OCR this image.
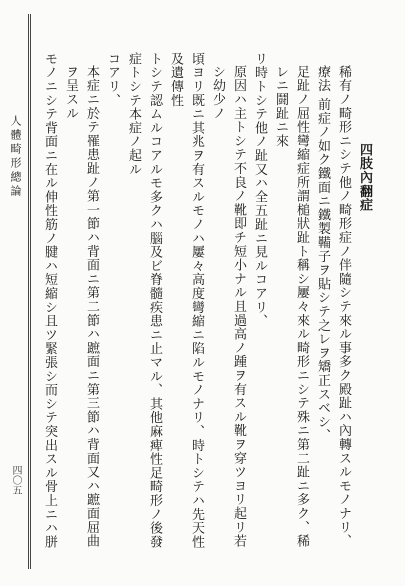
人體畸形總論
四〇五

四肢內翻症

稀有ノ畸形ニシテ他ノ畸形症ノ伴隨シテ來ル事多ク殿趾ハ內轉スルモノナリ、

療法 前症ノ如ク鐵面ニ鐵製鞴子ヲ貼シテ之レヲ矯正スベシ、

足趾ノ屈性彎縮症所謂槌狀趾ト稱シ屢々來ル畸形ニシテ殊ニ第二趾ニ多ク、稀レニ鬪趾ニ來

リ時トシテ他ノ趾又ハ全五趾ニ見ルコアリ、

原因ハ主トシテ不良ノ靴即チ短小ナル且過高ノ踵ヲ有スル靴ヲ穿ツヨリ起リ若シ幼少ノ

頃ヨリ既ニ其兆ヲ有スルモノハ屢々高度彎縮ニ陷ルモノナリ、時トシテハ先天性及遺傳性

トシテ認ムルコアルモ多クハ腦及ビ脊髓疾患ニ止マル、其他麻痺性足畸形ノ後發症トシテ本症ノ起ル

コアリ、

本症ニ於テ罹患趾ノ第一節ハ背面ニ第二節ハ蹠面ニ第三節ハ背面又ハ蹠面屈曲ヲ呈スル

モノニシテ背面ニ在ル伸性筋ノ腱ハ短縮シ且ツ緊張シ而シテ突出スル骨上ニハ胼
